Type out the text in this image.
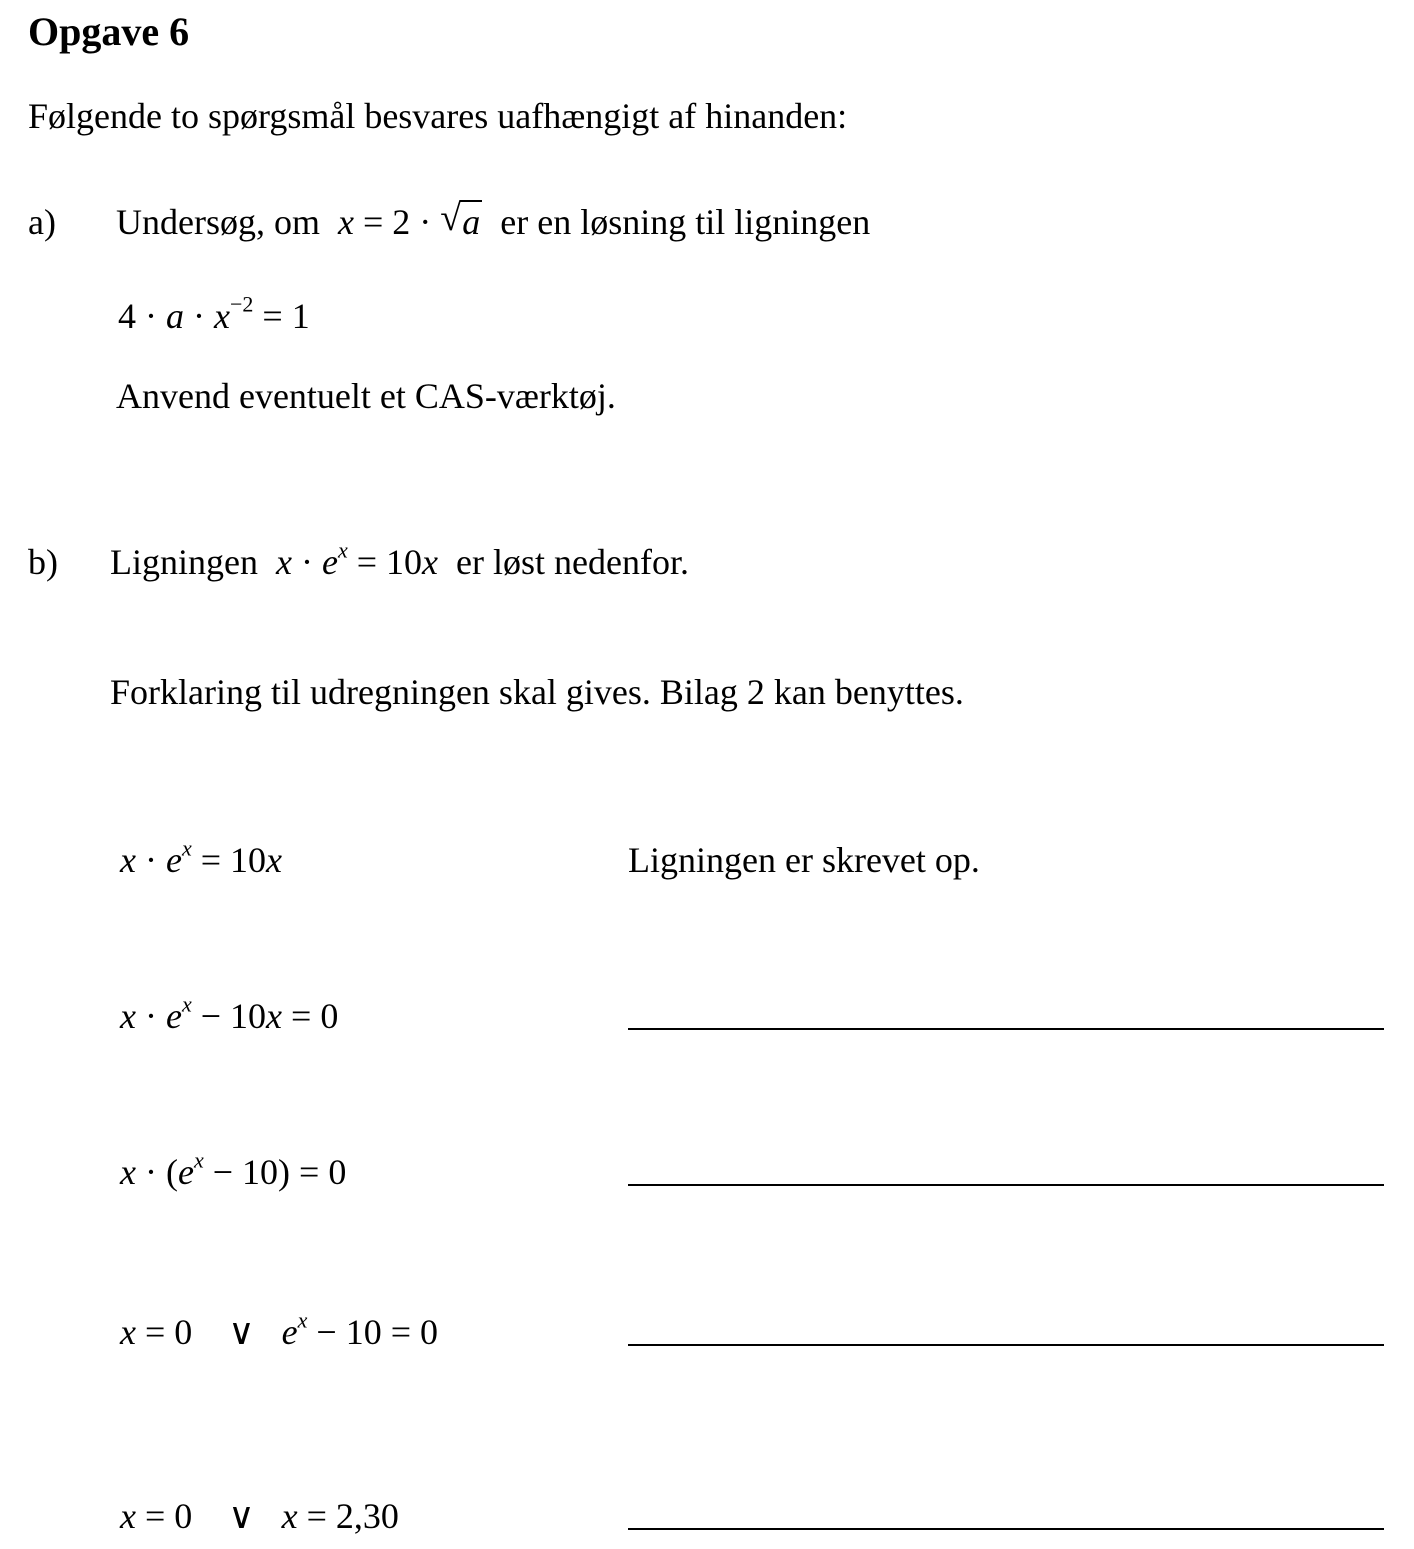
Opgave 6
Følgende to spørgsmål besvares uafhængigt af hinanden:
a) Undersøg, om x = 2 · √ a er en løsning til ligningen
$4 \cdot a \cdot x^{-2} = 1$
Anvend eventuelt et CAS-værktøj.
b) Ligningen $x \cdot e^x = 10x$ er løst nedenfor.
Forklaring til udregningen skal gives. Bilag 2 kan benyttes.
$x \cdot e^x = 10x$	Ligningen er skrevet op.
$x \cdot e^x - 10x = 0$
$x \cdot (e^x - 10) = 0$
x = 0    ∨   $e^x - 10 = 0$
x = 0    ∨   x = 2,30
